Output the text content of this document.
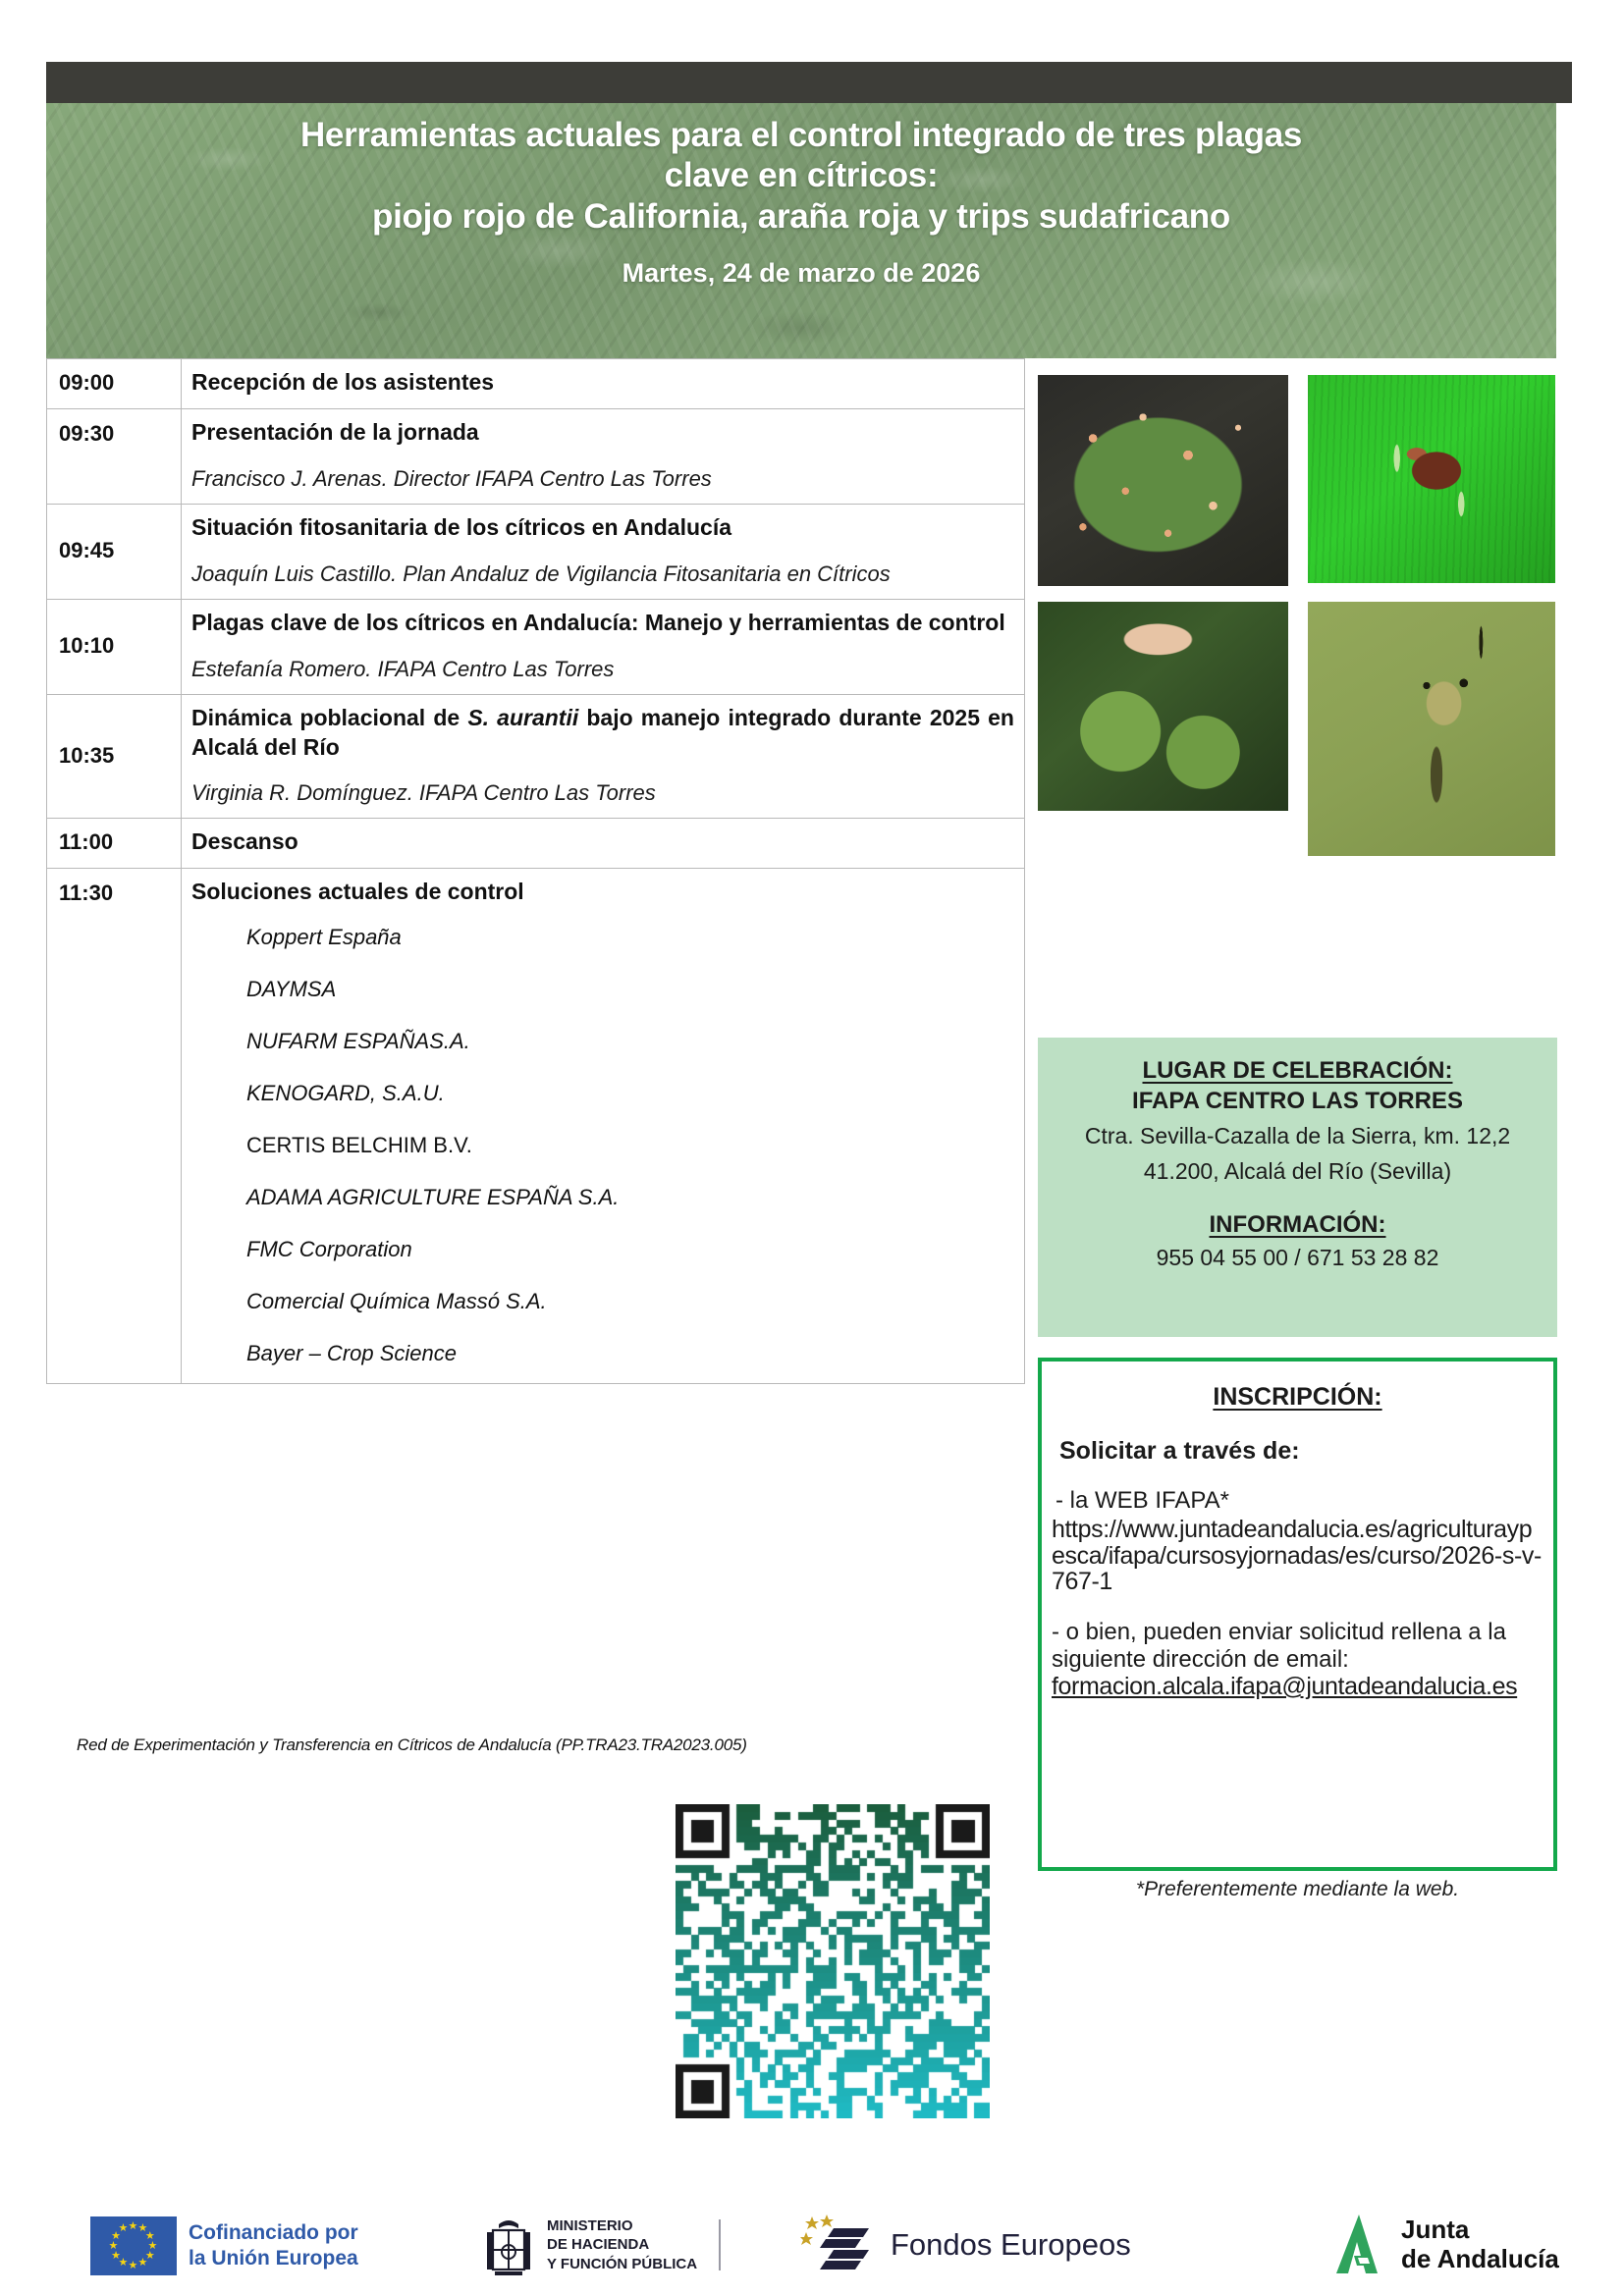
Herramientas actuales para el control integrado de tres plagas
clave en cítricos:
piojo rojo de California, araña roja y trips sudafricano
Martes, 24 de marzo de 2026
09:00	Recepción de los asistentes

09:30	Presentación de la jornada
Francisco J. Arenas. Director IFAPA Centro Las Torres

09:45	Situación fitosanitaria de los cítricos en Andalucía
Joaquín Luis Castillo. Plan Andaluz de Vigilancia Fitosanitaria en Cítricos

10:10	Plagas clave de los cítricos en Andalucía: Manejo y herramientas de control
Estefanía Romero. IFAPA Centro Las Torres

10:35	Dinámica poblacional de S. aurantii bajo manejo integrado durante 2025 en Alcalá del Río
Virginia R. Domínguez. IFAPA Centro Las Torres

11:00	Descanso

11:30	Soluciones actuales de control
Koppert España
DAYMSA
NUFARM ESPAÑAS.A.
KENOGARD, S.A.U.
CERTIS BELCHIM B.V.
ADAMA AGRICULTURE ESPAÑA S.A.
FMC Corporation
Comercial Química Massó S.A.
Bayer – Crop Science
Red de Experimentación y Transferencia en Cítricos de Andalucía (PP.TRA23.TRA2023.005)
LUGAR DE CELEBRACIÓN:
IFAPA CENTRO LAS TORRES
Ctra. Sevilla-Cazalla de la Sierra, km. 12,2
41.200, Alcalá del Río (Sevilla)
INFORMACIÓN:
955 04 55 00 / 671 53 28 82
INSCRIPCIÓN:
Solicitar a través de:
- la WEB IFAPA*
https://www.juntadeandalucia.es/agriculturaypesca/ifapa/cursosyjornadas/es/curso/2026-s-v-767-1
- o bien, pueden enviar solicitud rellena a la siguiente dirección de email:
formacion.alcala.ifapa@juntadeandalucia.es
*Preferentemente mediante la web.
★ ★
★
★
★
★
★
★
★
★
★
★	Cofinanciado por
la Unión Europea
MINISTERIO
DE HACIENDA
Y FUNCIÓN PÚBLICA
Fondos Europeos	Junta
de Andalucía
